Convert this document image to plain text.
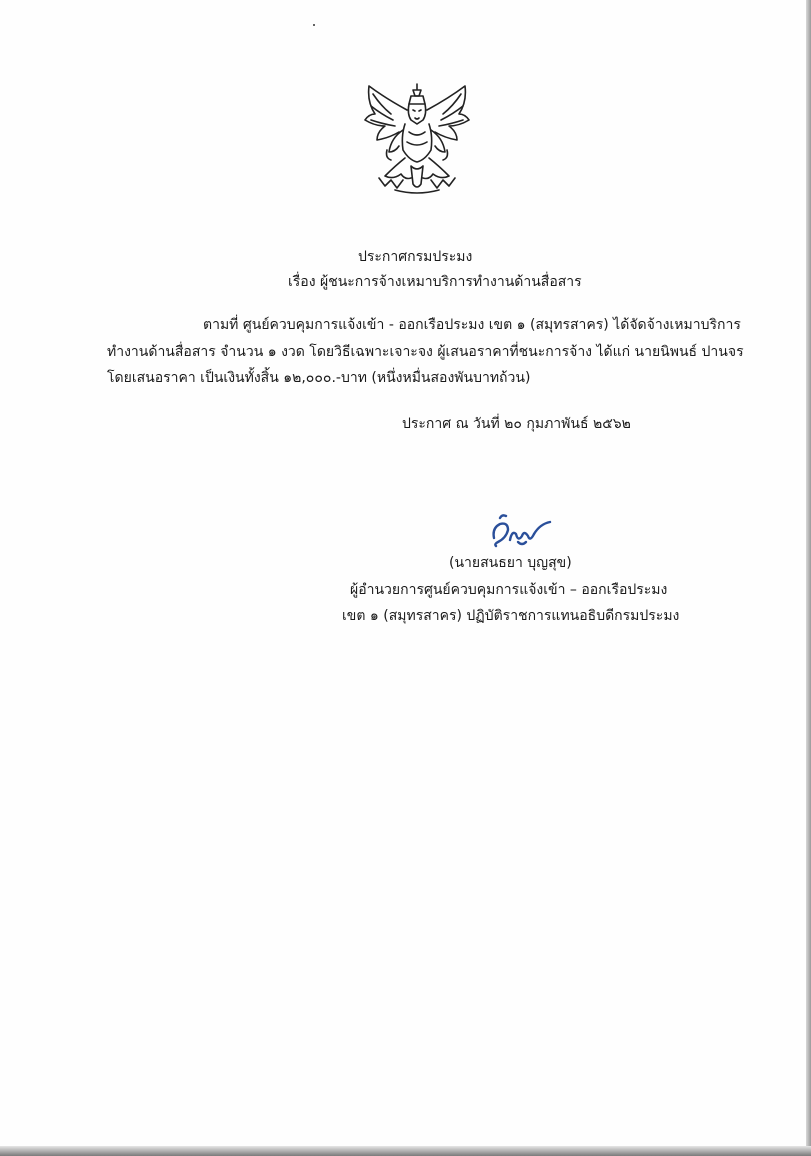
ประกาศกรมประมง
เรื่อง ผู้ชนะการจ้างเหมาบริการทำงานด้านสื่อสาร
ตามที่ ศูนย์ควบคุมการแจ้งเข้า - ออกเรือประมง เขต ๑ (สมุทรสาคร) ได้จัดจ้างเหมาบริการ
ทำงานด้านสื่อสาร จำนวน ๑ งวด โดยวิธีเฉพาะเจาะจง ผู้เสนอราคาที่ชนะการจ้าง ได้แก่ นายนิพนธ์ ปานจร
โดยเสนอราคา เป็นเงินทั้งสิ้น ๑๒,๐๐๐.-บาท (หนึ่งหมื่นสองพันบาทถ้วน)
ประกาศ ณ วันที่ ๒๐ กุมภาพันธ์ ๒๕๖๒
(นายสนธยา บุญสุข)
ผู้อำนวยการศูนย์ควบคุมการแจ้งเข้า – ออกเรือประมง
เขต ๑ (สมุทรสาคร) ปฏิบัติราชการแทนอธิบดีกรมประมง
